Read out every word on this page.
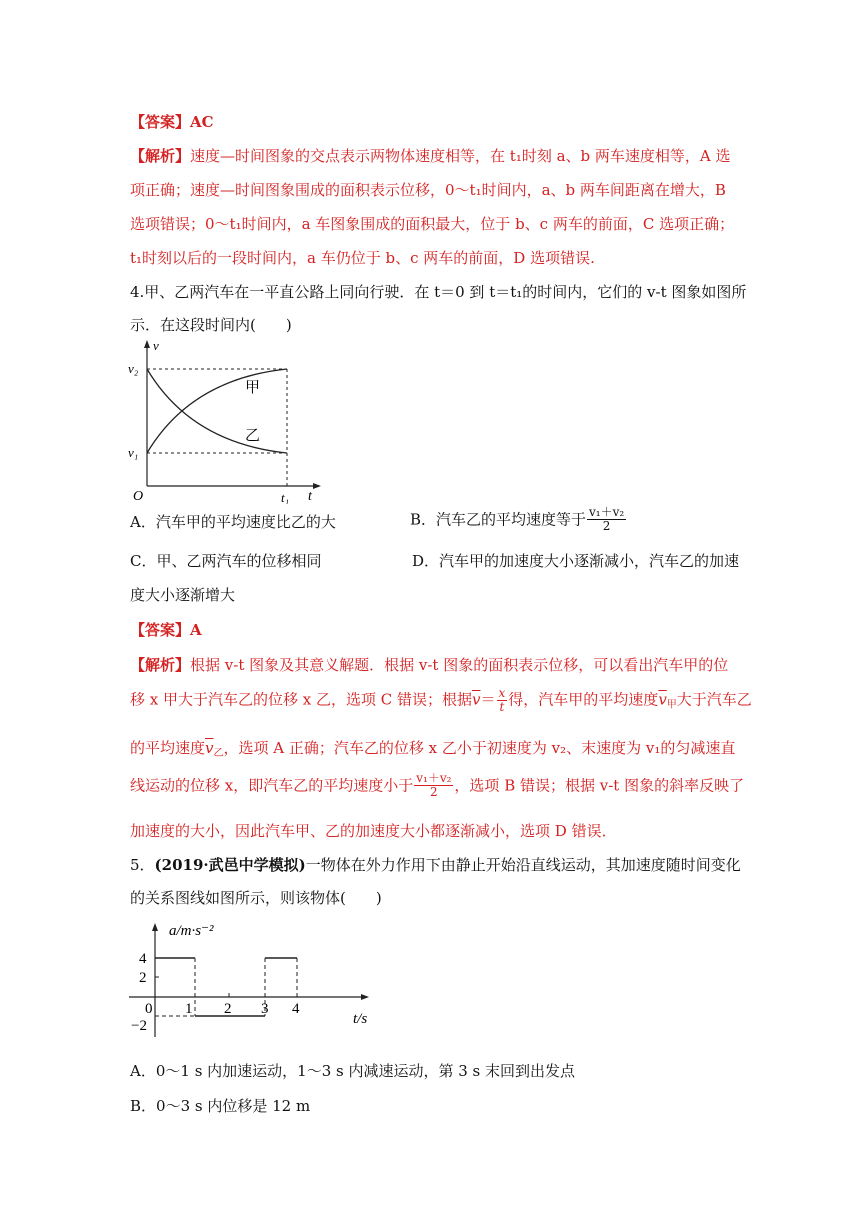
【答案】AC
【解析】速度—时间图象的交点表示两物体速度相等，在 t₁时刻 a、b 两车速度相等，A 选
项正确；速度—时间图象围成的面积表示位移，0～t₁时间内，a、b 两车间距离在增大，B
选项错误；0～t₁时间内，a 车图象围成的面积最大，位于 b、c 两车的前面，C 选项正确；
t₁时刻以后的一段时间内，a 车仍位于 b、c 两车的前面，D 选项错误.
4.甲、乙两汽车在一平直公路上同向行驶．在 t＝0 到 t＝t₁的时间内，它们的 v-t 图象如图所
示．在这段时间内(　　)
v
v₂
v₁
O	t₁ t
甲
乙
A．汽车甲的平均速度比乙的大	B．汽车乙的平均速度等于 $\frac{\text{v₁＋v₂}}{2}$
C．甲、乙两汽车的位移相同	D．汽车甲的加速度大小逐渐减小，汽车乙的加速
度大小逐渐增大
【答案】A
【解析】根据 v-t 图象及其意义解题．根据 v-t 图象的面积表示位移，可以看出汽车甲的位
移 x 甲大于汽车乙的位移 x 乙，选项 C 错误；根据$\overline{v}= \frac{x}{t}$ 得，汽车甲的平均速度$\overline{v}_甲$大于汽车乙
的平均速度$\overline{v}_乙$，选项 A 正确；汽车乙的位移 x 乙小于初速度为 v₂、末速度为 v₁的匀减速直
线运动的位移 x，即汽车乙的平均速度小于 $\frac{\text{v₁＋v₂}}{2}$ ，选项 B 错误；根据 v-t 图象的斜率反映了
加速度的大小，因此汽车甲、乙的加速度大小都逐渐减小，选项 D 错误．
5．(2019·武邑中学模拟)一物体在外力作用下由静止开始沿直线运动，其加速度随时间变化
的关系图线如图所示，则该物体(　　)
a/m·s⁻²
4
2
0
−2
1 2 3 4
t/s
A．0～1 s 内加速运动，1～3 s 内减速运动，第 3 s 末回到出发点
B．0～3 s 内位移是 12 m
